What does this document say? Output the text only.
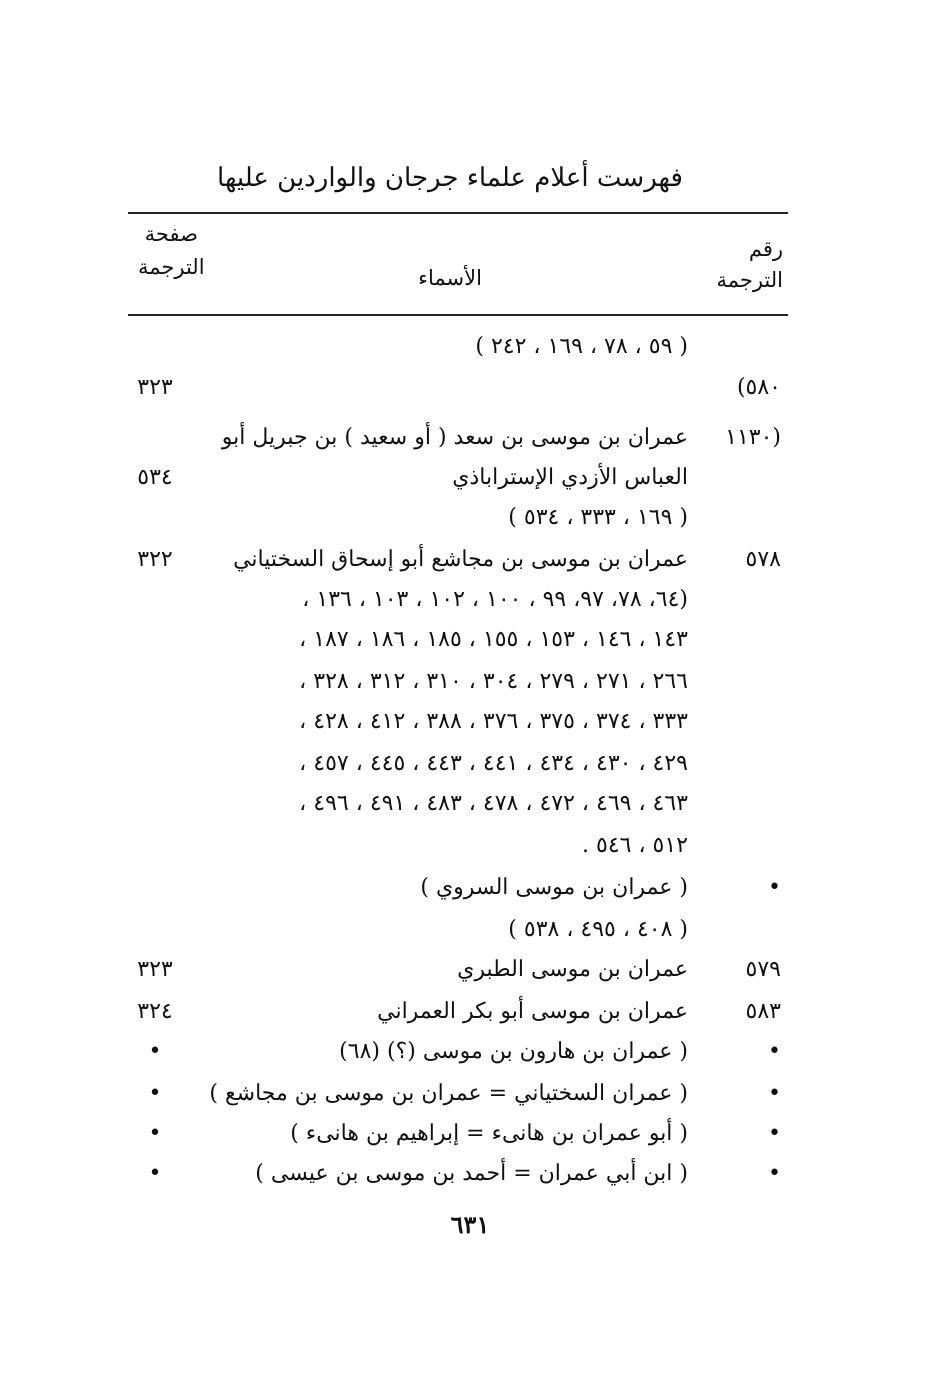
فهرست أعلام علماء جرجان والواردين عليها
صفحة
الترجمة	الأسماء
رقم
الترجمة
( ٥٩ ، ٧٨ ، ١٦٩ ، ٢٤٢ )
٥٨٠)
٣٢٣
(١١٣٠
عمران بن موسى بن سعد ( أو سعيد ) بن جبريل أبو
العباس الأزدي الإستراباذي
٥٣٤
( ١٦٩ ، ٣٣٣ ، ٥٣٤ )
٥٧٨
عمران بن موسى بن مجاشع أبو إسحاق السختياني
٣٢٢
(٦٤، ٧٨، ٩٧، ٩٩ ، ١٠٠ ، ١٠٢ ، ١٠٣ ، ١٣٦ ،
١٤٣ ، ١٤٦ ، ١٥٣ ، ١٥٥ ، ١٨٥ ، ١٨٦ ، ١٨٧ ،
٢٦٦ ، ٢٧١ ، ٢٧٩ ، ٣٠٤ ، ٣١٠ ، ٣١٢ ، ٣٢٨ ،
٣٣٣ ، ٣٧٤ ، ٣٧٥ ، ٣٧٦ ، ٣٨٨ ، ٤١٢ ، ٤٢٨ ،
٤٢٩ ، ٤٣٠ ، ٤٣٤ ، ٤٤١ ، ٤٤٣ ، ٤٤٥ ، ٤٥٧ ،
٤٦٣ ، ٤٦٩ ، ٤٧٢ ، ٤٧٨ ، ٤٨٣ ، ٤٩١ ، ٤٩٦ ،
٥١٢ ، ٥٤٦ .
•
( عمران بن موسى السروي )
( ٤٠٨ ، ٤٩٥ ، ٥٣٨ )
٥٧٩
عمران بن موسى الطبري
٣٢٣
٥٨٣
عمران بن موسى أبو بكر العمراني
٣٢٤
•
( عمران بن هارون بن موسى (؟) (٦٨)
•
•
( عمران السختياني = عمران بن موسى بن مجاشع )
•
•
( أبو عمران بن هانىء = إبراهيم بن هانىء )
•
•
( ابن أبي عمران = أحمد بن موسى بن عيسى )
•
٦٣١
